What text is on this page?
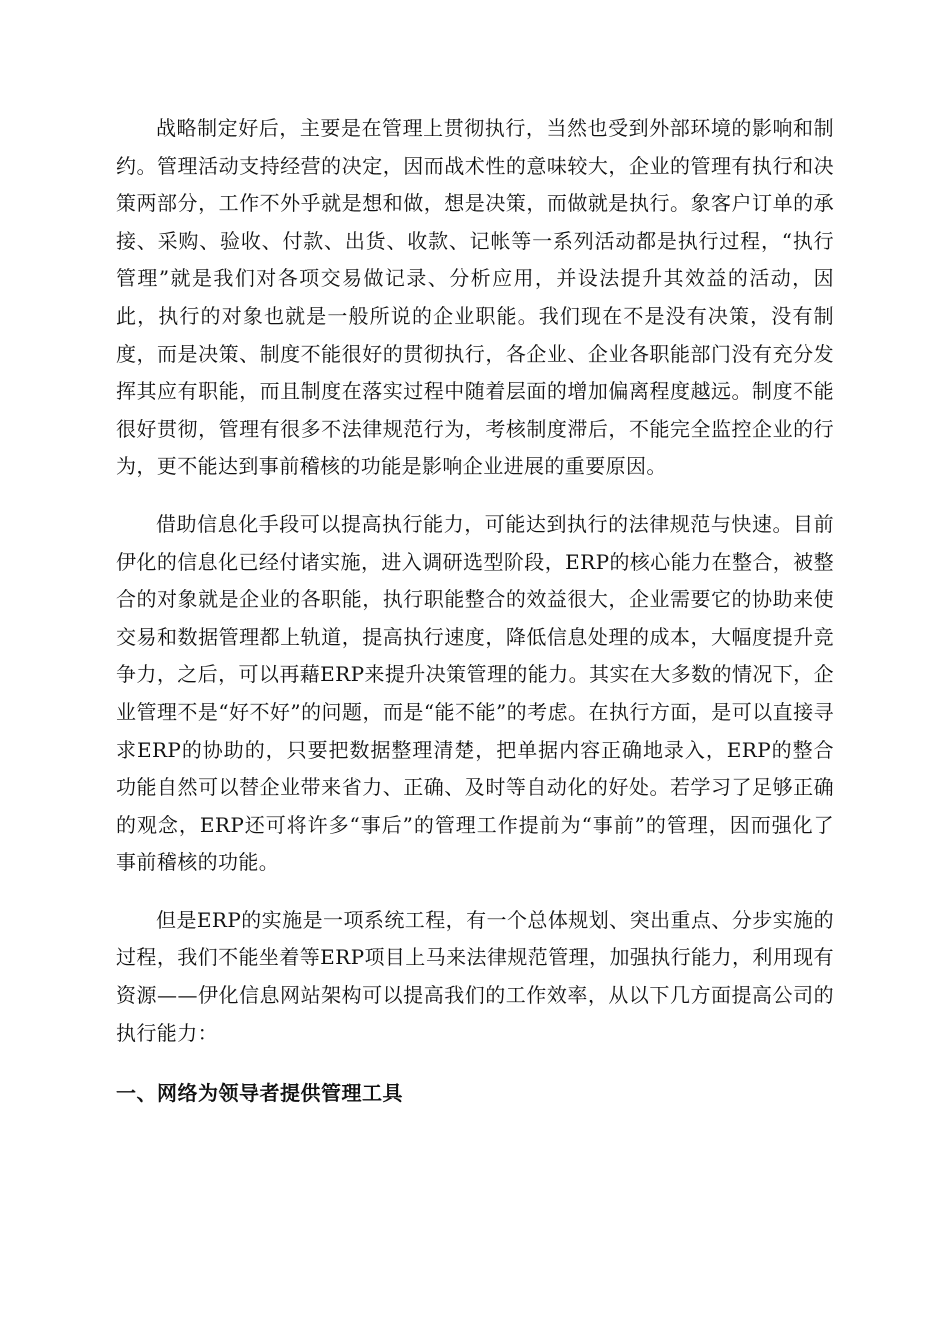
战略制定好后，主要是在管理上贯彻执行，当然也受到外部环境的影响和制约。管理活动支持经营的决定，因而战术性的意味较大，企业的管理有执行和决策两部分，工作不外乎就是想和做，想是决策，而做就是执行。象客户订单的承接、采购、验收、付款、出货、收款、记帐等一系列活动都是执行过程，“执行管理”就是我们对各项交易做记录、分析应用，并设法提升其效益的活动，因此，执行的对象也就是一般所说的企业职能。我们现在不是没有决策，没有制度，而是决策、制度不能很好的贯彻执行，各企业、企业各职能部门没有充分发挥其应有职能，而且制度在落实过程中随着层面的增加偏离程度越远。制度不能很好贯彻，管理有很多不法律规范行为，考核制度滞后，不能完全监控企业的行为，更不能达到事前稽核的功能是影响企业进展的重要原因。

借助信息化手段可以提高执行能力，可能达到执行的法律规范与快速。目前伊化的信息化已经付诸实施，进入调研选型阶段，ERP的核心能力在整合，被整合的对象就是企业的各职能，执行职能整合的效益很大，企业需要它的协助来使交易和数据管理都上轨道，提高执行速度，降低信息处理的成本，大幅度提升竞争力，之后，可以再藉ERP来提升决策管理的能力。其实在大多数的情况下，企业管理不是“好不好”的问题，而是“能不能”的考虑。在执行方面，是可以直接寻求ERP的协助的，只要把数据整理清楚，把单据内容正确地录入，ERP的整合功能自然可以替企业带来省力、正确、及时等自动化的好处。若学习了足够正确的观念，ERP还可将许多“事后”的管理工作提前为“事前”的管理，因而强化了事前稽核的功能。

但是ERP的实施是一项系统工程，有一个总体规划、突出重点、分步实施的过程，我们不能坐着等ERP项目上马来法律规范管理，加强执行能力，利用现有资源——伊化信息网站架构可以提高我们的工作效率，从以下几方面提高公司的执行能力：

一、网络为领导者提供管理工具
